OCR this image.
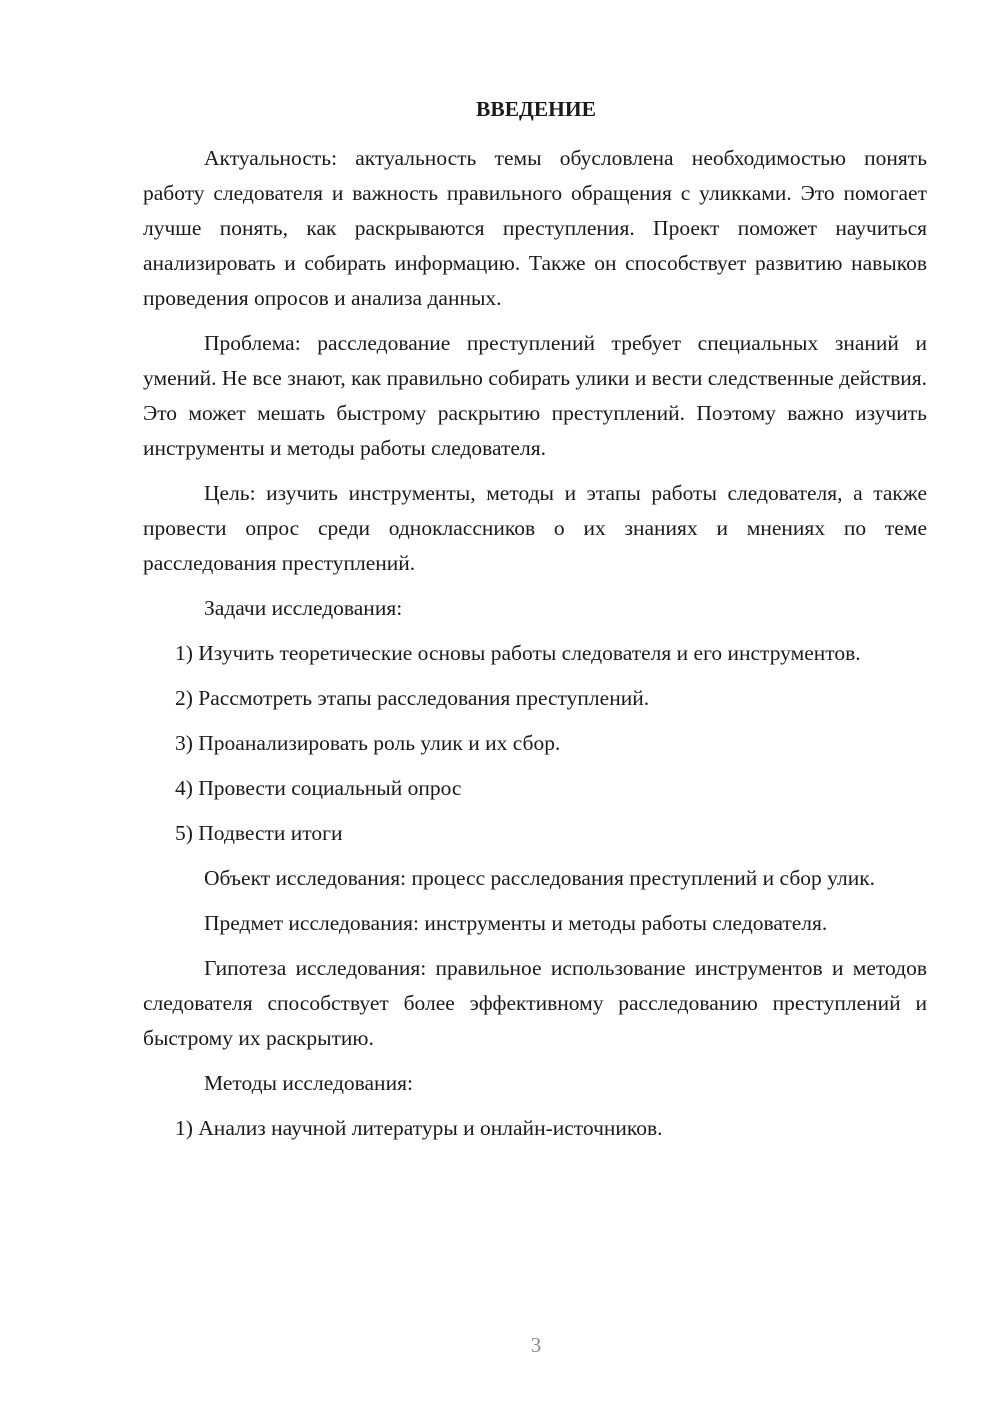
ВВЕДЕНИЕ

Актуальность: актуальность темы обусловлена необходимостью понять работу следователя и важность правильного обращения с уликками. Это помогает лучше понять, как раскрываются преступления. Проект поможет научиться анализировать и собирать информацию. Также он способствует развитию навыков проведения опросов и анализа данных.

Проблема: расследование преступлений требует специальных знаний и умений. Не все знают, как правильно собирать улики и вести следственные действия. Это может мешать быстрому раскрытию преступлений. Поэтому важно изучить инструменты и методы работы следователя.

Цель: изучить инструменты, методы и этапы работы следователя, а также провести опрос среди одноклассников о их знаниях и мнениях по теме расследования преступлений.

Задачи исследования:

1) Изучить теоретические основы работы следователя и его инструментов.

2) Рассмотреть этапы расследования преступлений.

3) Проанализировать роль улик и их сбор.

4) Провести социальный опрос

5) Подвести итоги

Объект исследования: процесс расследования преступлений и сбор улик.

Предмет исследования: инструменты и методы работы следователя.

Гипотеза исследования: правильное использование инструментов и методов следователя способствует более эффективному расследованию преступлений и быстрому их раскрытию.

Методы исследования:

1) Анализ научной литературы и онлайн-источников.

3
